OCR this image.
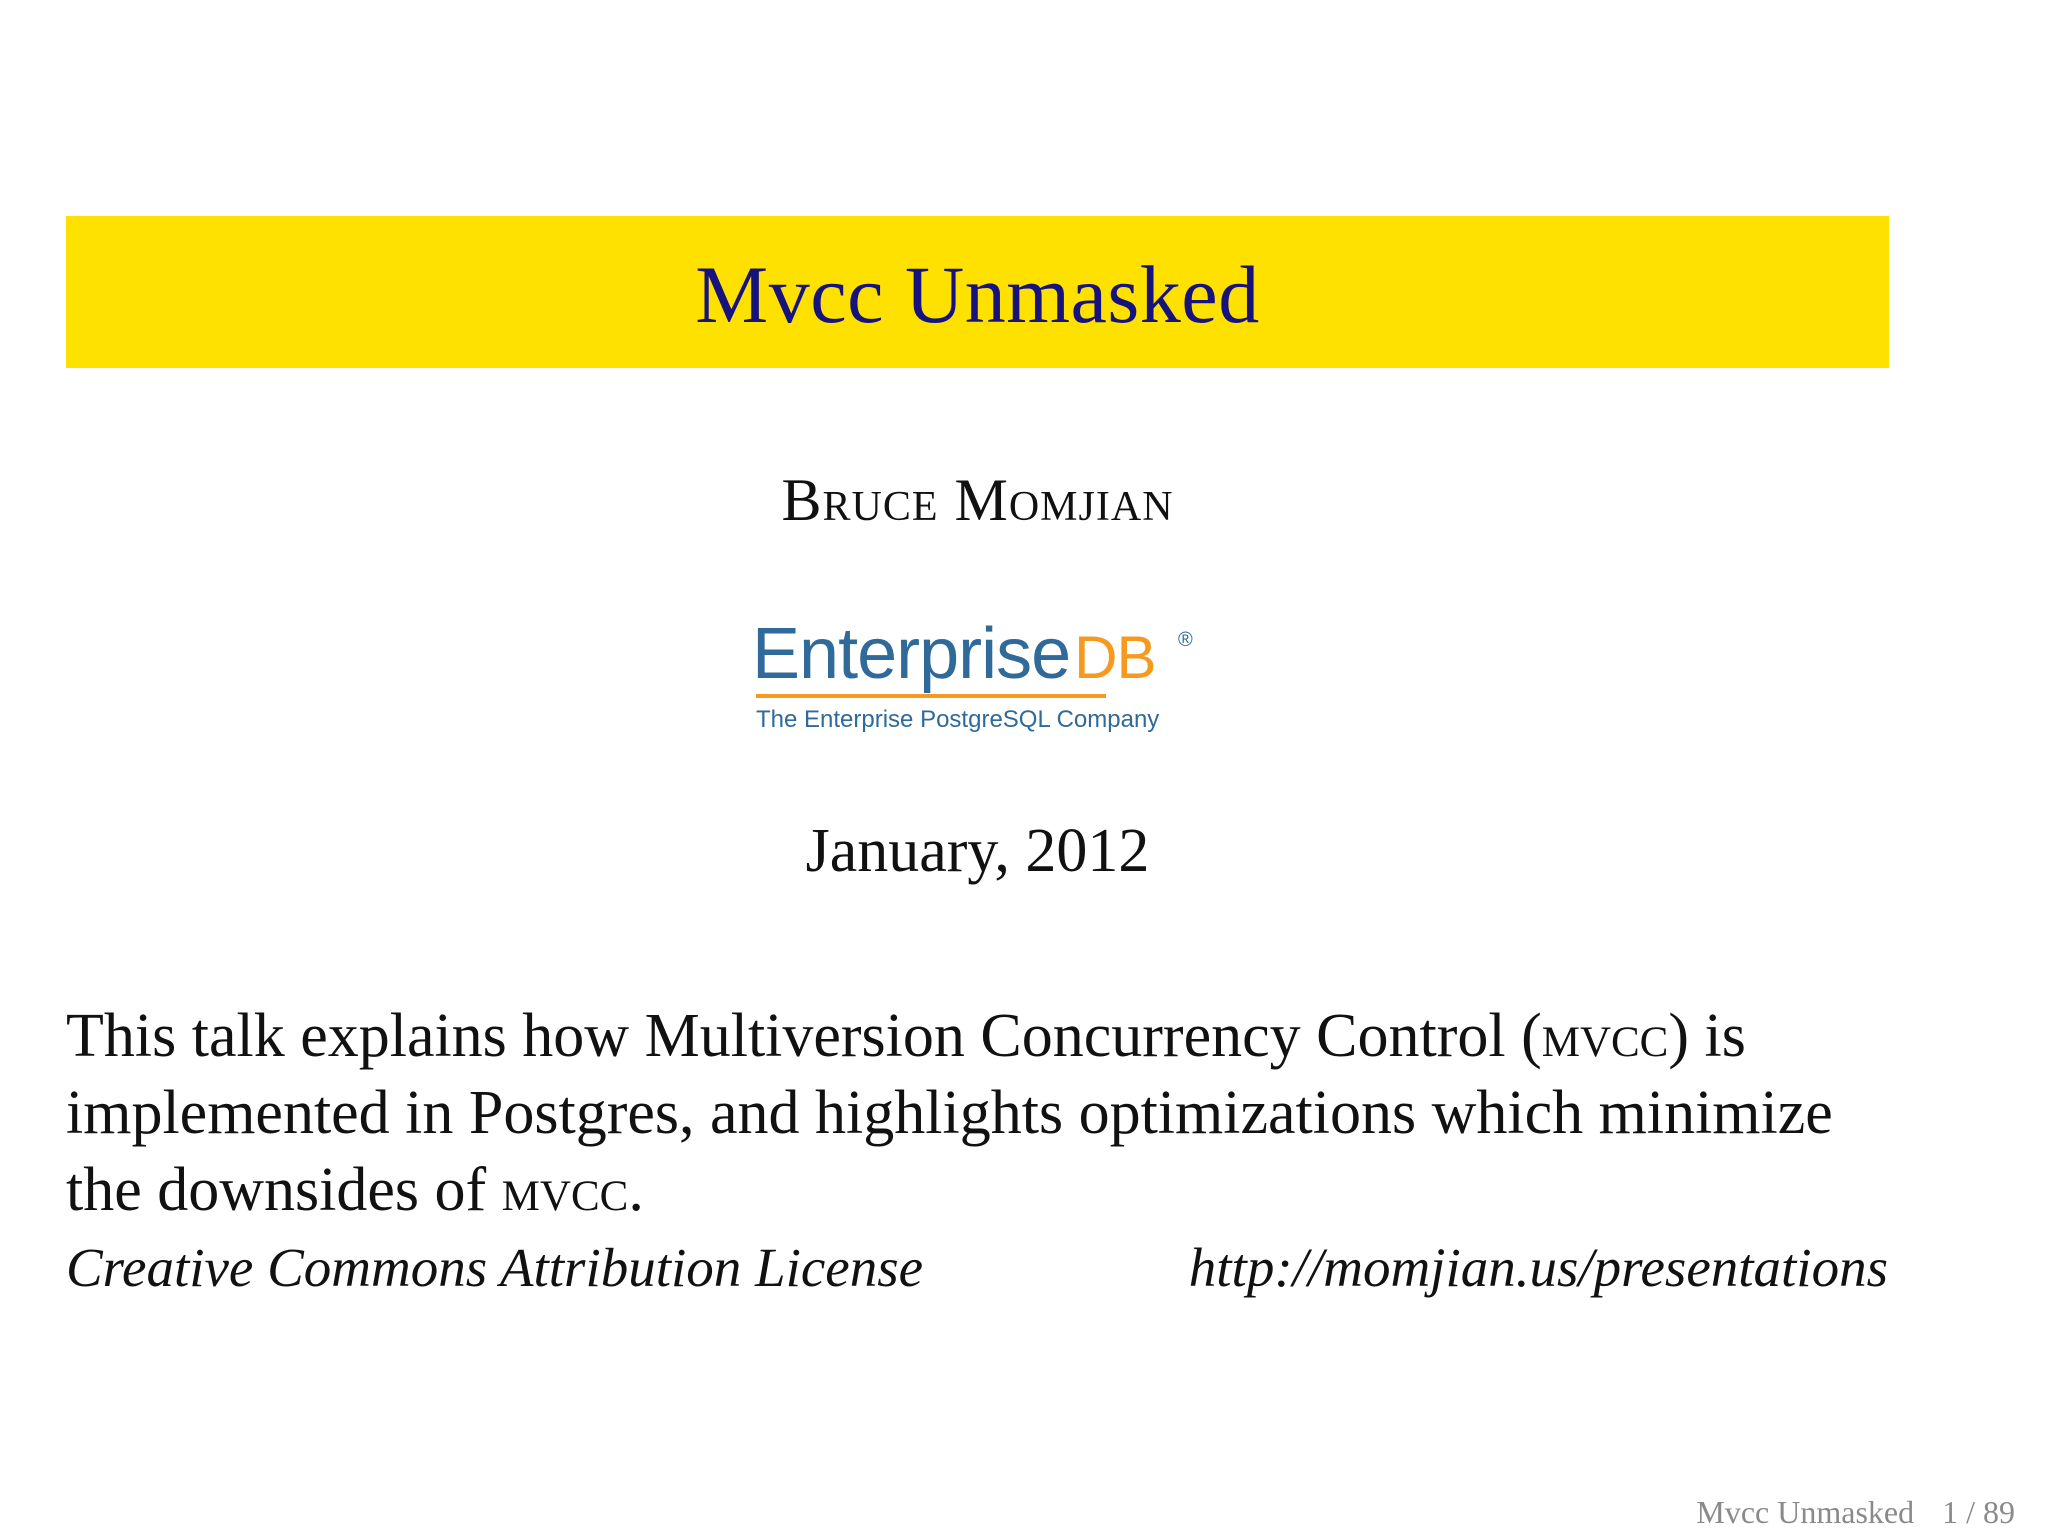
Mvcc Unmasked
Bruce Momjian
EnterpriseDB ®
The Enterprise PostgreSQL Company
January, 2012

This talk explains how Multiversion Concurrency Control (mvcc) is implemented in Postgres, and highlights optimizations which minimize the downsides of mvcc.

Creative Commons Attribution License	http://momjian.us/presentations
Mvcc Unmasked 1 / 89
